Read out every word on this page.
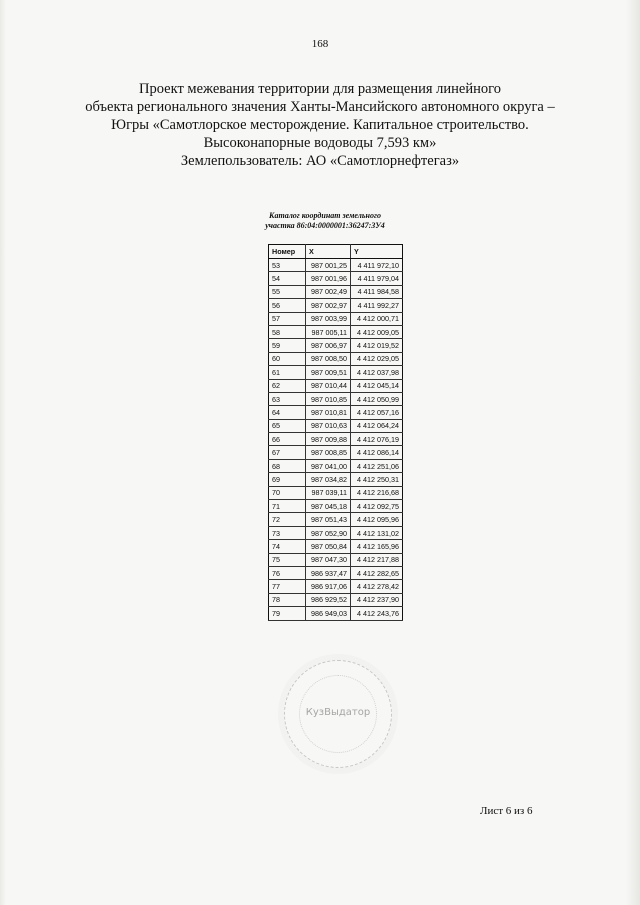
168
Проект межевания территории для размещения линейного
объекта регионального значения Ханты-Мансийского автономного округа –
Югры «Самотлорское месторождение. Капитальное строительство.
Высоконапорные водоводы 7,593 км»
Землепользователь: АО «Самотлорнефтегаз»
Каталог координат земельного
участка 86:04:0000001:36247:ЗУ4
Номер	X	Y
53	987 001,25	4 411 972,10
54	987 001,96	4 411 979,04
55	987 002,49	4 411 984,58
56	987 002,97	4 411 992,27
57	987 003,99	4 412 000,71
58	987 005,11	4 412 009,05
59	987 006,97	4 412 019,52
60	987 008,50	4 412 029,05
61	987 009,51	4 412 037,98
62	987 010,44	4 412 045,14
63	987 010,85	4 412 050,99
64	987 010,81	4 412 057,16
65	987 010,63	4 412 064,24
66	987 009,88	4 412 076,19
67	987 008,85	4 412 086,14
68	987 041,00	4 412 251,06
69	987 034,82	4 412 250,31
70	987 039,11	4 412 216,68
71	987 045,18	4 412 092,75
72	987 051,43	4 412 095,96
73	987 052,90	4 412 131,02
74	987 050,84	4 412 165,96
75	987 047,30	4 412 217,88
76	986 937,47	4 412 282,65
77	986 917,06	4 412 278,42
78	986 929,52	4 412 237,90
79	986 949,03	4 412 243,76
КузВыдатор
Лист 6 из 6
